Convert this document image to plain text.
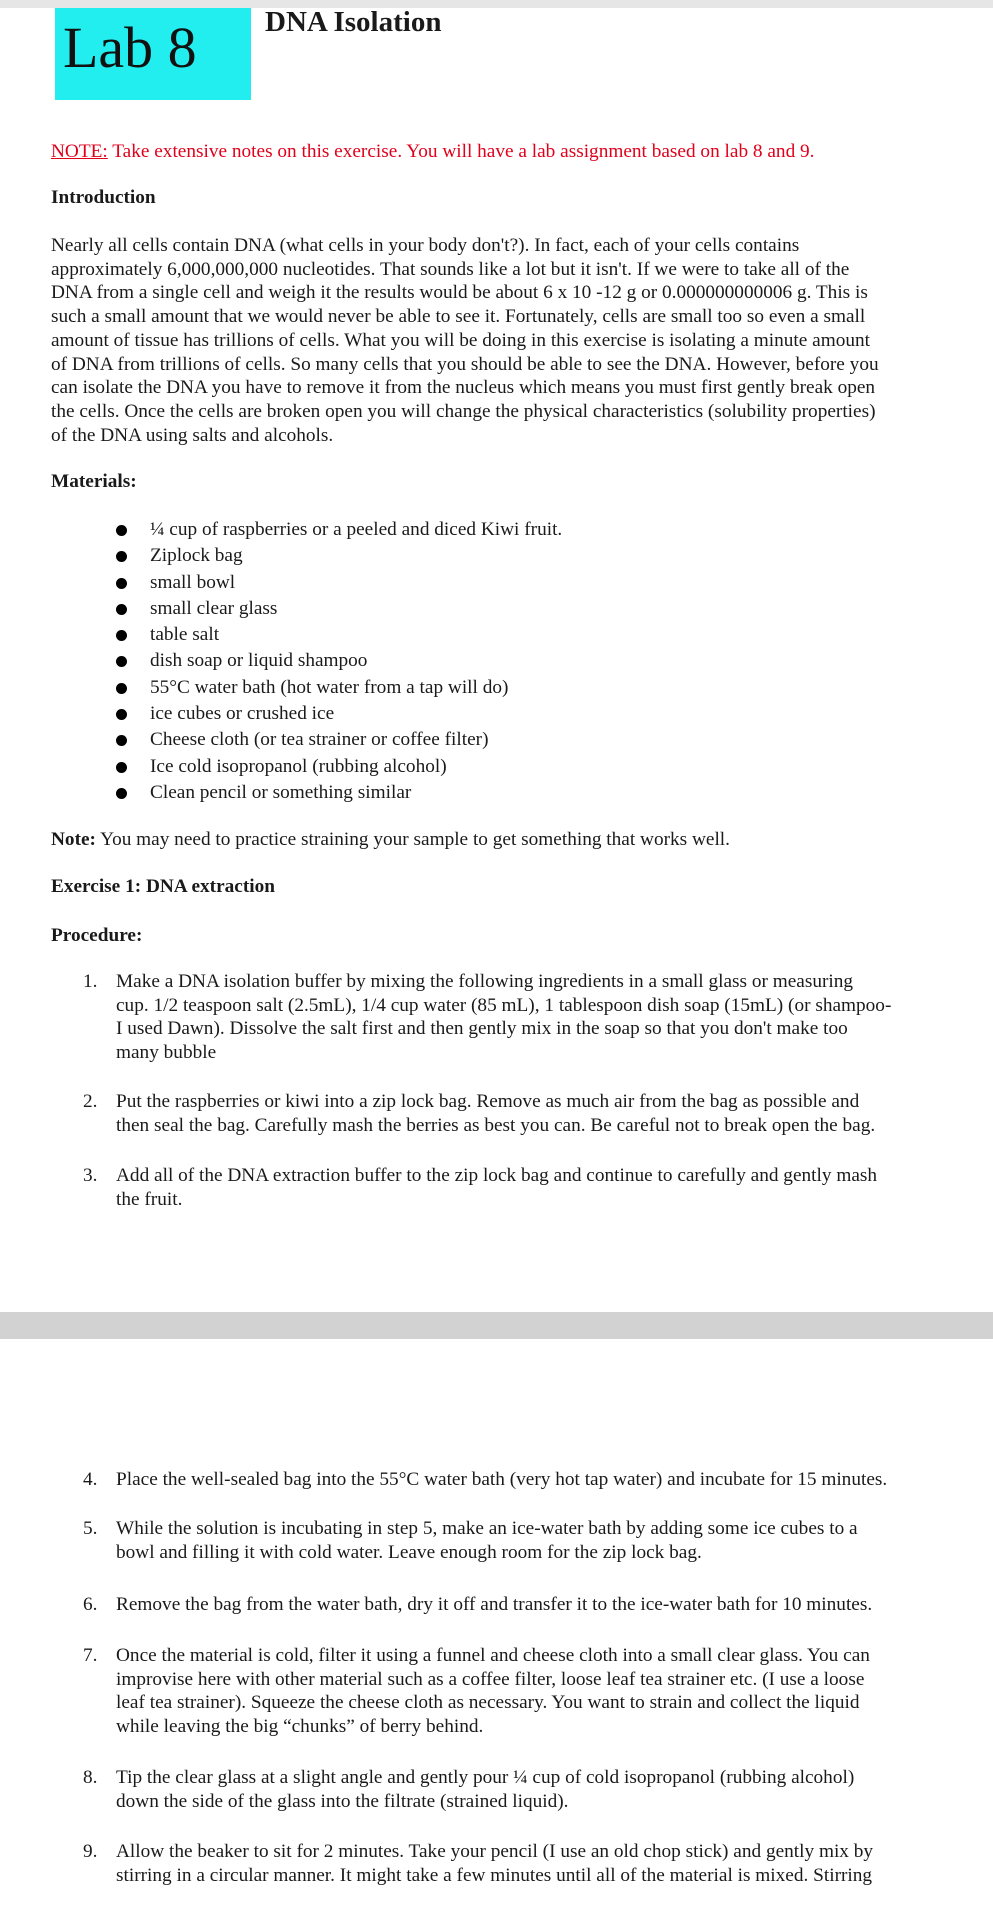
Lab 8 DNA Isolation
NOTE: Take extensive notes on this exercise. You will have a lab assignment based on lab 8 and 9.
Introduction
Nearly all cells contain DNA (what cells in your body don't?). In fact, each of your cells contains
approximately 6,000,000,000 nucleotides. That sounds like a lot but it isn't. If we were to take all of the
DNA from a single cell and weigh it the results would be about 6 x 10 -12 g or 0.000000000006 g. This is
such a small amount that we would never be able to see it. Fortunately, cells are small too so even a small
amount of tissue has trillions of cells. What you will be doing in this exercise is isolating a minute amount
of DNA from trillions of cells. So many cells that you should be able to see the DNA. However, before you
can isolate the DNA you have to remove it from the nucleus which means you must first gently break open
the cells. Once the cells are broken open you will change the physical characteristics (solubility properties)
of the DNA using salts and alcohols.
Materials:
¼ cup of raspberries or a peeled and diced Kiwi fruit.
Ziplock bag
small bowl
small clear glass
table salt
dish soap or liquid shampoo
55°C water bath (hot water from a tap will do)
ice cubes or crushed ice
Cheese cloth (or tea strainer or coffee filter)
Ice cold isopropanol (rubbing alcohol)
Clean pencil or something similar
Note: You may need to practice straining your sample to get something that works well.
Exercise 1: DNA extraction
Procedure:
1. Make a DNA isolation buffer by mixing the following ingredients in a small glass or measuring
cup. 1/2 teaspoon salt (2.5mL), 1/4 cup water (85 mL), 1 tablespoon dish soap (15mL) (or shampoo-
I used Dawn). Dissolve the salt first and then gently mix in the soap so that you don't make too
many bubble
2. Put the raspberries or kiwi into a zip lock bag. Remove as much air from the bag as possible and
then seal the bag. Carefully mash the berries as best you can. Be careful not to break open the bag.
3. Add all of the DNA extraction buffer to the zip lock bag and continue to carefully and gently mash
the fruit.
4. Place the well-sealed bag into the 55°C water bath (very hot tap water) and incubate for 15 minutes.
5. While the solution is incubating in step 5, make an ice-water bath by adding some ice cubes to a
bowl and filling it with cold water. Leave enough room for the zip lock bag.
6. Remove the bag from the water bath, dry it off and transfer it to the ice-water bath for 10 minutes.
7. Once the material is cold, filter it using a funnel and cheese cloth into a small clear glass. You can
improvise here with other material such as a coffee filter, loose leaf tea strainer etc. (I use a loose
leaf tea strainer). Squeeze the cheese cloth as necessary. You want to strain and collect the liquid
while leaving the big “chunks” of berry behind.
8. Tip the clear glass at a slight angle and gently pour ¼ cup of cold isopropanol (rubbing alcohol)
down the side of the glass into the filtrate (strained liquid).
9. Allow the beaker to sit for 2 minutes. Take your pencil (I use an old chop stick) and gently mix by
stirring in a circular manner. It might take a few minutes until all of the material is mixed. Stirring
